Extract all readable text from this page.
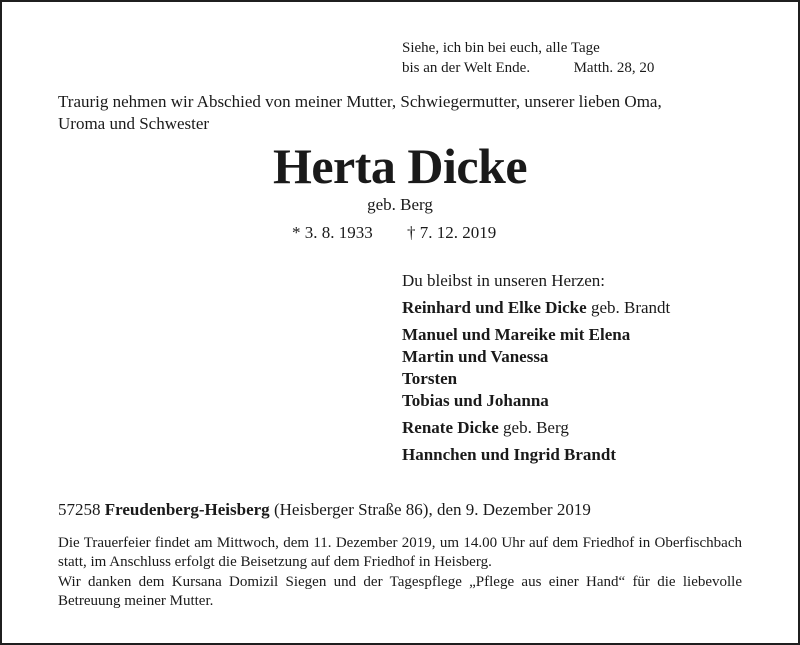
Siehe, ich bin bei euch, alle Tage
bis an der Welt Ende.	Matth. 28, 20
Traurig nehmen wir Abschied von meiner Mutter, Schwiegermutter, unserer lieben Oma,
Uroma und Schwester
Herta Dicke
geb. Berg
* 3. 8. 1933 † 7. 12. 2019
Du bleibst in unseren Herzen:
Reinhard und Elke Dicke geb. Brandt
Manuel und Mareike mit Elena
Martin und Vanessa
Torsten
Tobias und Johanna
Renate Dicke geb. Berg
Hannchen und Ingrid Brandt
57258 Freudenberg-Heisberg (Heisberger Straße 86), den 9. Dezember 2019
Die Trauerfeier findet am Mittwoch, dem 11. Dezember 2019, um 14.00 Uhr auf dem Friedhof in Oberfischbach statt, im Anschluss erfolgt die Beisetzung auf dem Friedhof in Heisberg.
Wir danken dem Kursana Domizil Siegen und der Tagespflege „Pflege aus einer Hand“ für die liebevolle Betreuung meiner Mutter.
